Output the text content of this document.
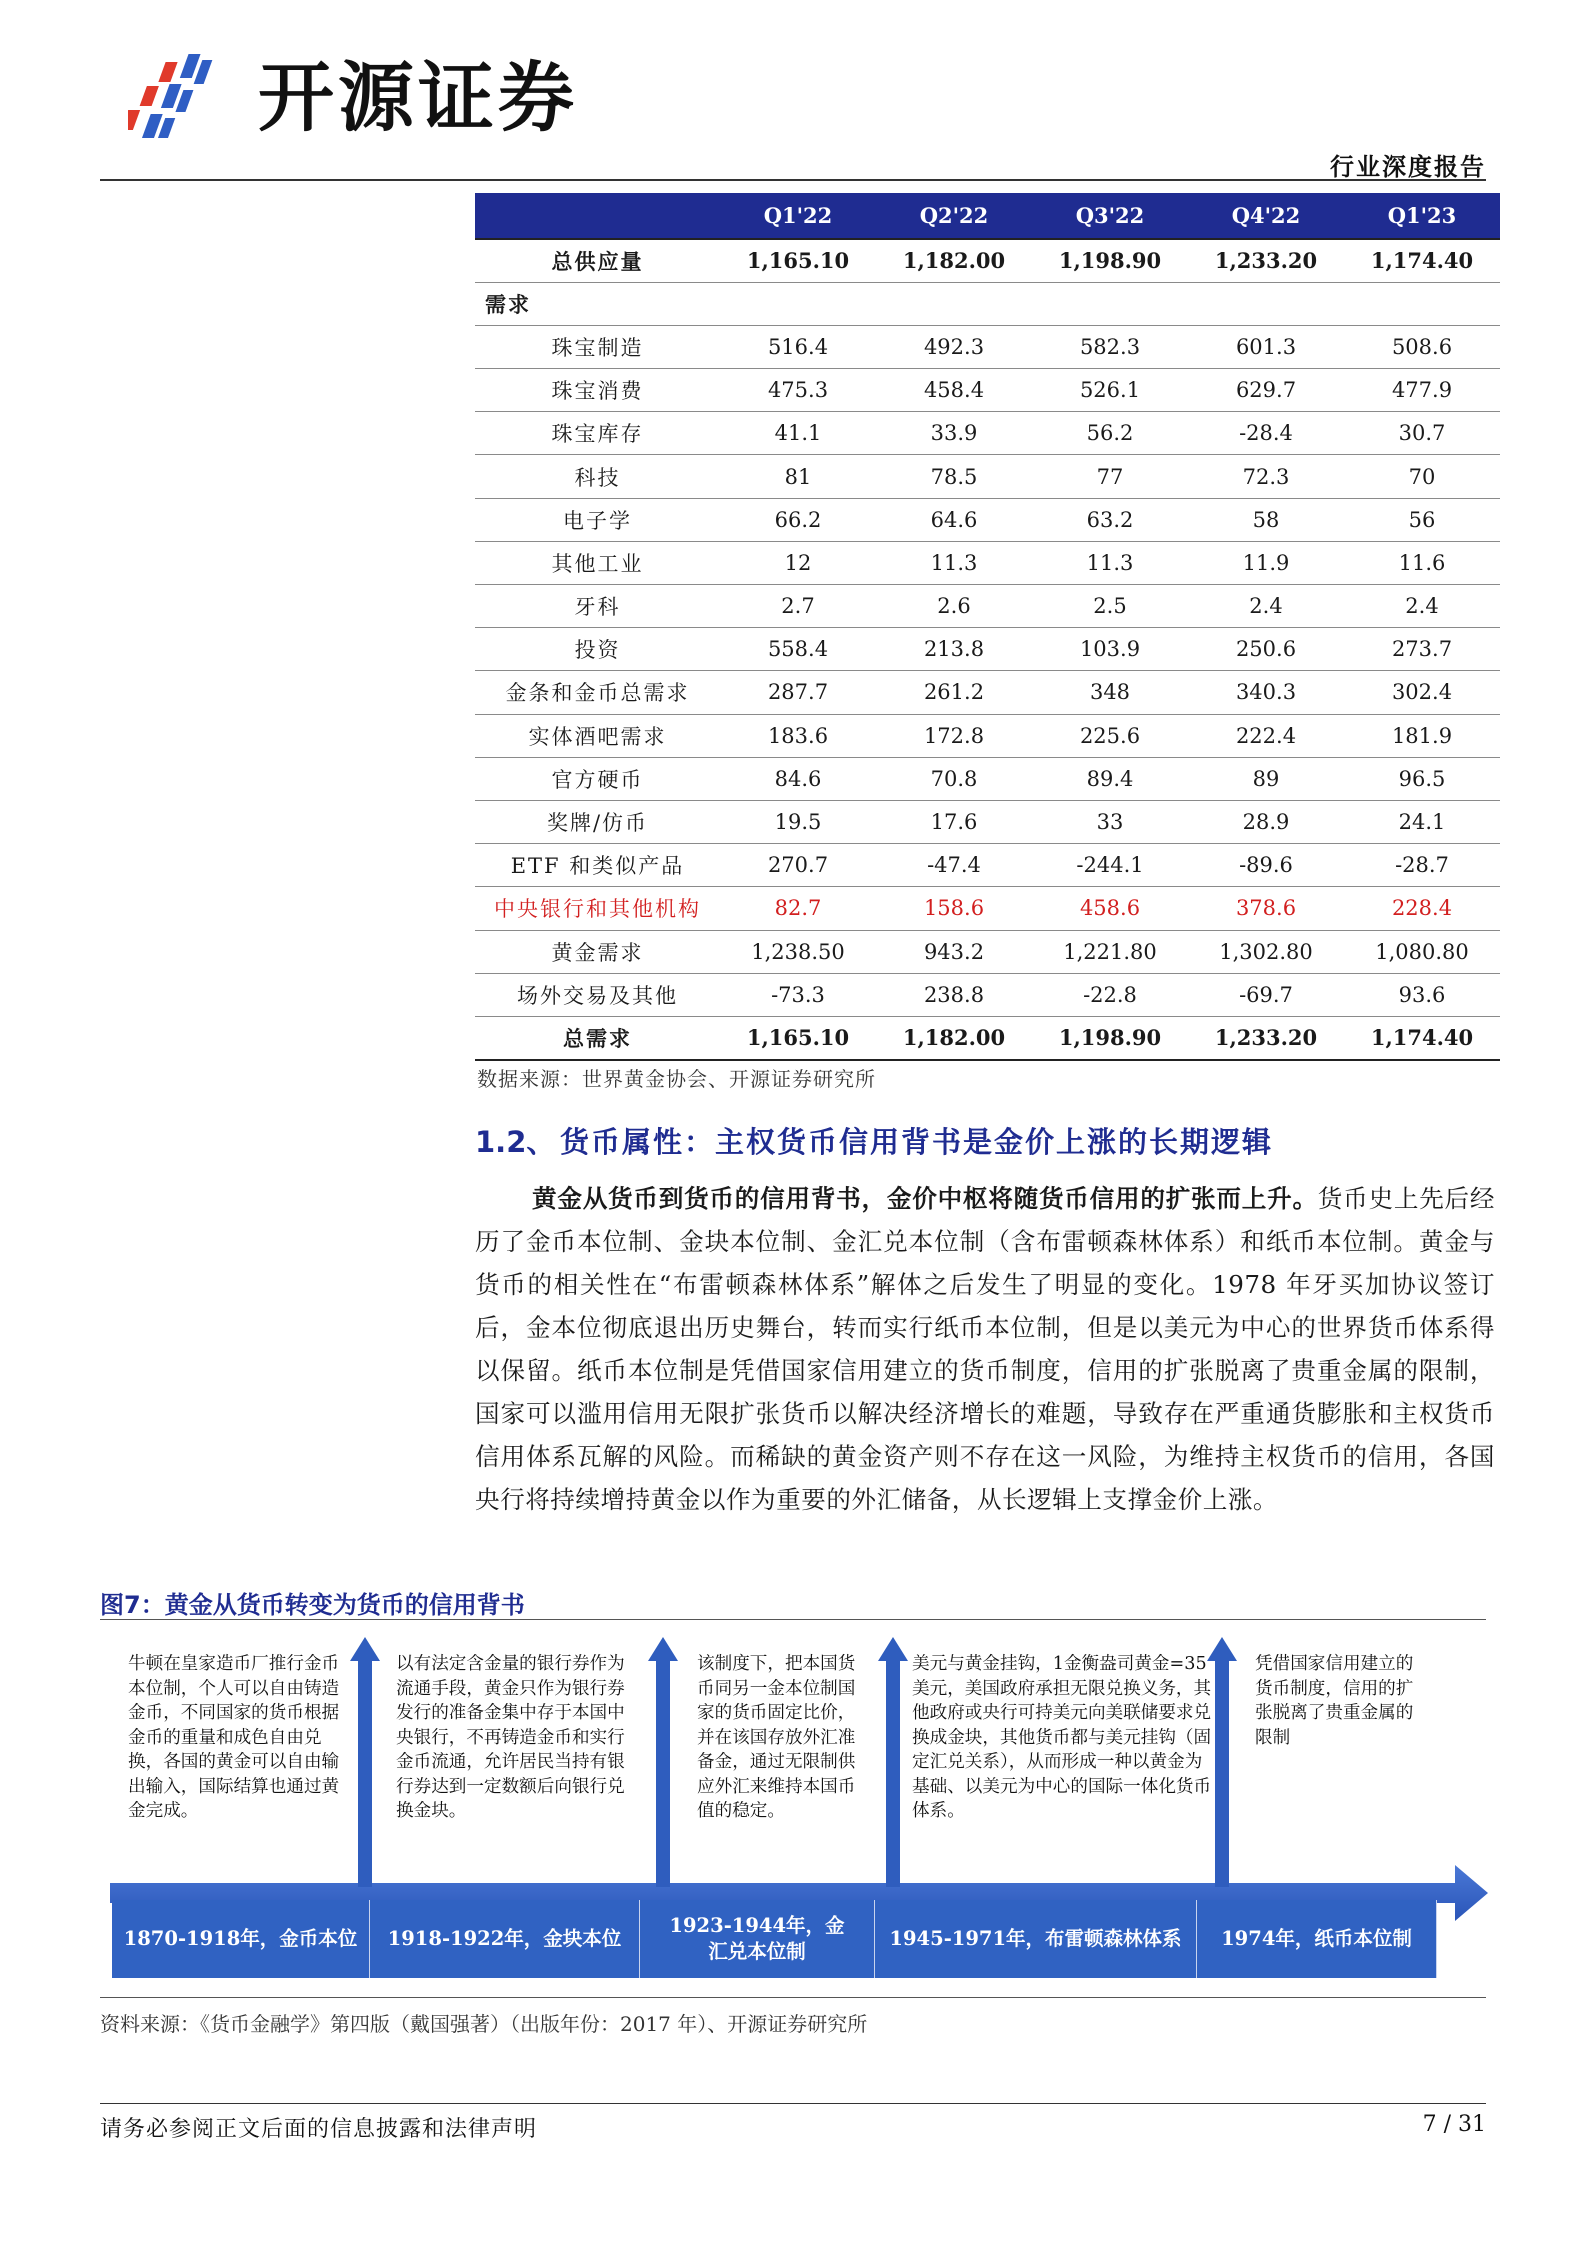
开源证券
行业深度报告
	Q1'22	Q2'22	Q3'22	Q4'22	Q1'23
总供应量	1,165.10	1,182.00	1,198.90	1,233.20	1,174.40
需求					
珠宝制造	516.4	492.3	582.3	601.3	508.6
珠宝消费	475.3	458.4	526.1	629.7	477.9
珠宝库存	41.1	33.9	56.2	-28.4	30.7
科技	81	78.5	77	72.3	70
电子学	66.2	64.6	63.2	58	56
其他工业	12	11.3	11.3	11.9	11.6
牙科	2.7	2.6	2.5	2.4	2.4
投资	558.4	213.8	103.9	250.6	273.7
金条和金币总需求	287.7	261.2	348	340.3	302.4
实体酒吧需求	183.6	172.8	225.6	222.4	181.9
官方硬币	84.6	70.8	89.4	89	96.5
奖牌/仿币	19.5	17.6	33	28.9	24.1
ETF 和类似产品	270.7	-47.4	-244.1	-89.6	-28.7
中央银行和其他机构	82.7	158.6	458.6	378.6	228.4
黄金需求	1,238.50	943.2	1,221.80	1,302.80	1,080.80
场外交易及其他	-73.3	238.8	-22.8	-69.7	93.6
总需求	1,165.10	1,182.00	1,198.90	1,233.20	1,174.40
数据来源：世界黄金协会、开源证券研究所
1.2、 货币属性：主权货币信用背书是金价上涨的长期逻辑
黄金从货币到货币的信用背书，金价中枢将随货币信用的扩张而上升。货币史上先后经历了金币本位制、金块本位制、金汇兑本位制（含布雷顿森林体系）和纸币本位制。黄金与货币的相关性在“布雷顿森林体系”解体之后发生了明显的变化。1978 年牙买加协议签订后，金本位彻底退出历史舞台，转而实行纸币本位制，但是以美元为中心的世界货币体系得以保留。纸币本位制是凭借国家信用建立的货币制度，信用的扩张脱离了贵重金属的限制，国家可以滥用信用无限扩张货币以解决经济增长的难题，导致存在严重通货膨胀和主权货币信用体系瓦解的风险。而稀缺的黄金资产则不存在这一风险，为维持主权货币的信用，各国央行将持续增持黄金以作为重要的外汇储备，从长逻辑上支撑金价上涨。
图7：黄金从货币转变为货币的信用背书
牛顿在皇家造币厂推行金币本位制，个人可以自由铸造金币，不同国家的货币根据金币的重量和成色自由兑换，各国的黄金可以自由输出输入，国际结算也通过黄金完成。
以有法定含金量的银行券作为流通手段，黄金只作为银行券发行的准备金集中存于本国中央银行，不再铸造金币和实行金币流通，允许居民当持有银行券达到一定数额后向银行兑换金块。
该制度下，把本国货币同另一金本位制国家的货币固定比价，并在该国存放外汇准备金，通过无限制供应外汇来维持本国币值的稳定。
美元与黄金挂钩，1金衡盎司黄金=35美元，美国政府承担无限兑换义务，其他政府或央行可持美元向美联储要求兑换成金块，其他货币都与美元挂钩（固定汇兑关系），从而形成一种以黄金为基础、以美元为中心的国际一体化货币体系。
凭借国家信用建立的货币制度，信用的扩张脱离了贵重金属的限制
1870-1918年，金币本位	1918-1922年，金块本位
1923-1944年，金汇兑本位制
1945-1971年，布雷顿森林体系	1974年，纸币本位制
资料来源：《货币金融学》第四版（戴国强著）（出版年份：2017 年）、开源证券研究所
请务必参阅正文后面的信息披露和法律声明	7 / 31
